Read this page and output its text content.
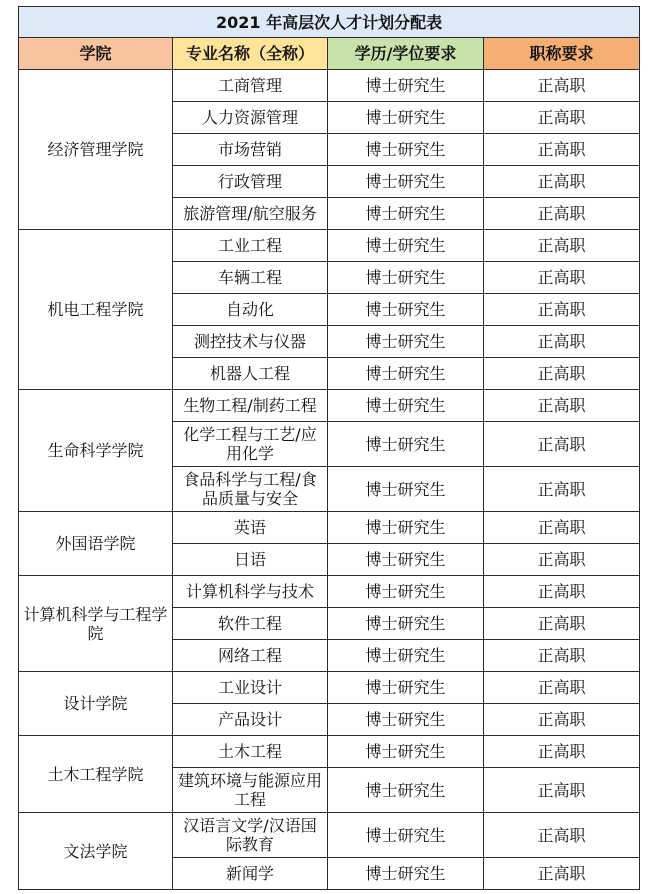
2021 年高层次人才计划分配表			
学院	专业名称（全称）	学历/学位要求	职称要求
经济管理学院	工商管理	博士研究生	正高职
	人力资源管理	博士研究生	正高职
	市场营销	博士研究生	正高职
	行政管理	博士研究生	正高职
	旅游管理/航空服务	博士研究生	正高职
机电工程学院	工业工程	博士研究生	正高职
	车辆工程	博士研究生	正高职
	自动化	博士研究生	正高职
	测控技术与仪器	博士研究生	正高职
	机器人工程	博士研究生	正高职
生命科学学院	生物工程/制药工程	博士研究生	正高职
	化学工程与工艺/应用化学	博士研究生	正高职
	食品科学与工程/食品质量与安全	博士研究生	正高职
外国语学院	英语	博士研究生	正高职
	日语	博士研究生	正高职
计算机科学与工程学院	计算机科学与技术	博士研究生	正高职
	软件工程	博士研究生	正高职
	网络工程	博士研究生	正高职
设计学院	工业设计	博士研究生	正高职
	产品设计	博士研究生	正高职
土木工程学院	土木工程	博士研究生	正高职
	建筑环境与能源应用工程	博士研究生	正高职
文法学院	汉语言文学/汉语国际教育	博士研究生	正高职
	新闻学	博士研究生	正高职
